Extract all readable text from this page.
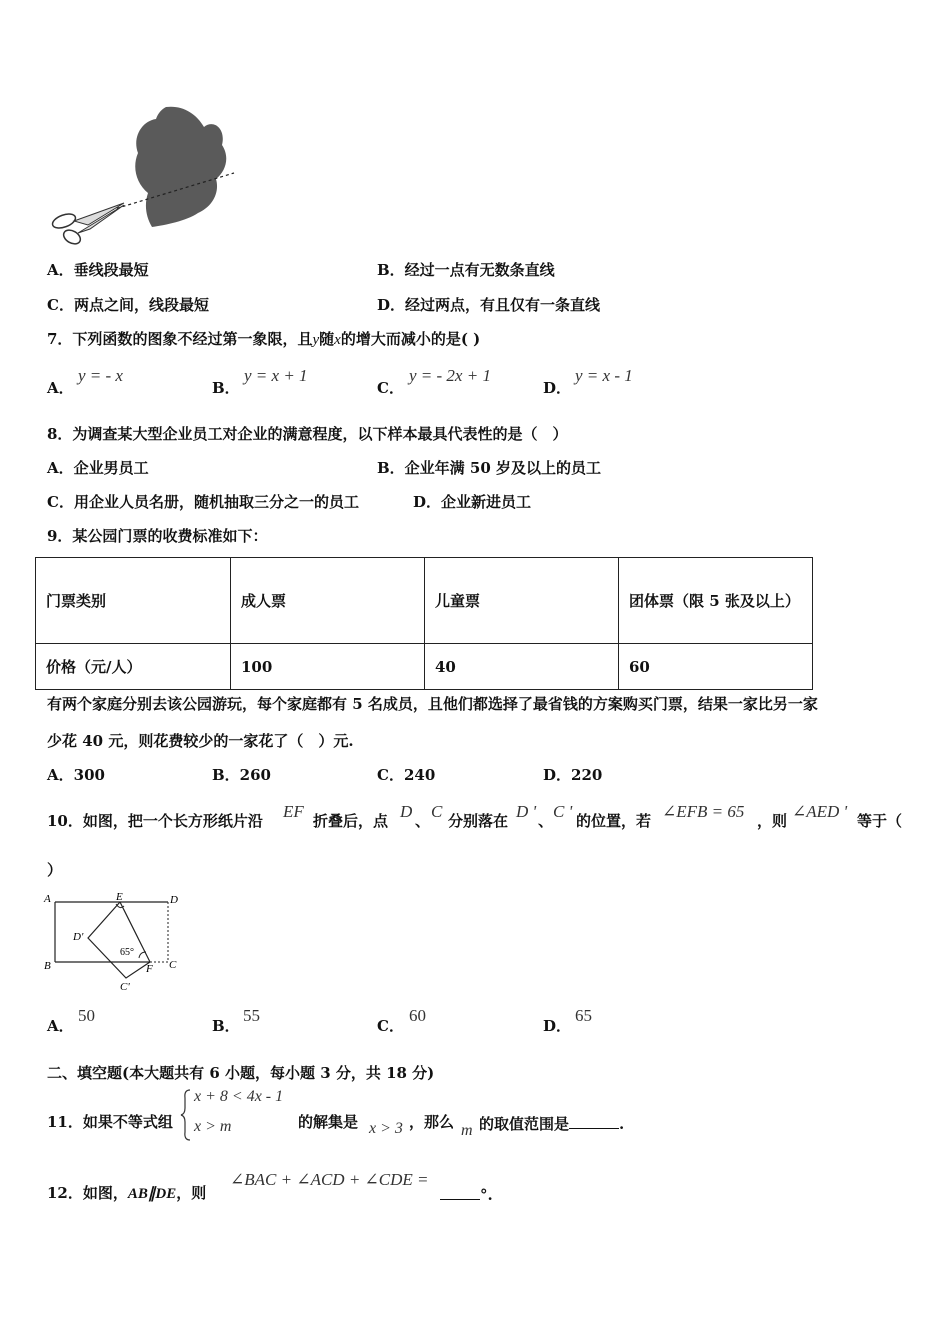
A．垂线段最短	B．经过一点有无数条直线
C．两点之间，线段最短	D．经过两点，有且仅有一条直线
7．下列函数的图象不经过第一象限，且y随x的增大而减小的是( )
A．
y = - x
B．
y = x + 1
C．
y = - 2x + 1
D．
y = x - 1
8．为调查某大型企业员工对企业的满意程度，以下样本最具代表性的是（　）
A．企业男员工	B．企业年满 50 岁及以上的员工
C．用企业人员名册，随机抽取三分之一的员工	D．企业新进员工
9．某公园门票的收费标准如下：
门票类别	成人票	儿童票	团体票（限 5 张及以上）
价格（元/人）	100	40	60
有两个家庭分别去该公园游玩，每个家庭都有 5 名成员，且他们都选择了最省钱的方案购买门票，结果一家比另一家
少花 40 元，则花费较少的一家花了（　）元.
A．300	B．260	C．240	D．220
10．如图，把一个长方形纸片沿 EF 折叠后，点 D 、 C 分别落在 D ' 、 C ' 的位置，若 ∠EFB = 65 ，则 ∠AED ' 等于（
）
A	E	D
D'
B	F C
C'
65°
A．
50
B．
55
C．
60
D．
65
二、填空题(本大题共有 6 小题，每小题 3 分，共 18 分)
11．如果不等式组
x + 8 < 4x - 1
x > m	的解集是 x > 3 ，那么 m 的取值范围是	.
12．如图，AB∥DE，则
∠BAC + ∠ACD + ∠CDE =
°.
